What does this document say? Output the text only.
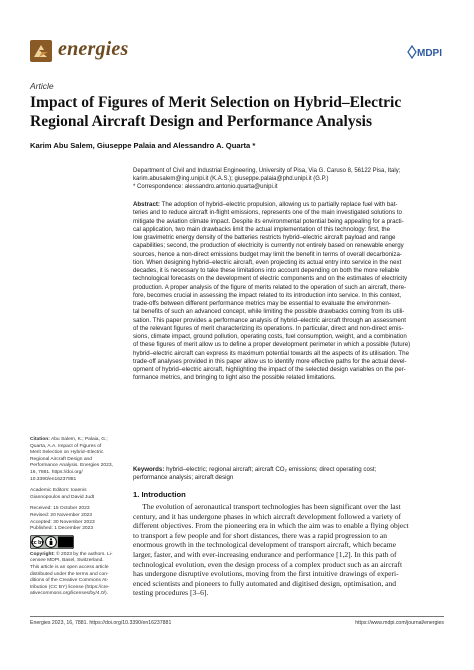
energies	MDPI
Article
Impact of Figures of Merit Selection on Hybrid–Electric
Regional Aircraft Design and Performance Analysis
Karim Abu Salem, Giuseppe Palaia and Alessandro A. Quarta *
Department of Civil and Industrial Engineering, University of Pisa, Via G. Caruso 8, 56122 Pisa, Italy;
karim.abusalem@ing.unipi.it (K.A.S.); giuseppe.palaia@phd.unipi.it (G.P.)
* Correspondence: alessandro.antonio.quarta@unipi.it
Abstract: The adoption of hybrid–electric propulsion, allowing us to partially replace fuel with bat-
teries and to reduce aircraft in-flight emissions, represents one of the main investigated solutions to
mitigate the aviation climate impact. Despite its environmental potential being appealing for a practi-
cal application, two main drawbacks limit the actual implementation of this technology: first, the
low gravimetric energy density of the batteries restricts hybrid–electric aircraft payload and range
capabilities; second, the production of electricity is currently not entirely based on renewable energy
sources, hence a non-direct emissions budget may limit the benefit in terms of overall decarboniza-
tion. When designing hybrid–electric aircraft, even projecting its actual entry into service in the next
decades, it is necessary to take these limitations into account depending on both the more reliable
technological forecasts on the development of electric components and on the estimates of electricity
production. A proper analysis of the figure of merits related to the operation of such an aircraft, there-
fore, becomes crucial in assessing the impact related to its introduction into service. In this context,
trade-offs between different performance metrics may be essential to evaluate the environmen-
tal benefits of such an advanced concept, while limiting the possible drawbacks coming from its utili-
sation. This paper provides a performance analysis of hybrid–electric aircraft through an assessment
of the relevant figures of merit characterizing its operations. In particular, direct and non-direct emis-
sions, climate impact, ground pollution, operating costs, fuel consumption, weight, and a combination
of these figures of merit allow us to define a proper development perimeter in which a possible (future)
hybrid–electric aircraft can express its maximum potential towards all the aspects of its utilisation. The
trade-off analyses provided in this paper allow us to identify more effective paths for the actual devel-
opment of hybrid–electric aircraft, highlighting the impact of the selected design variables on the per-
formance metrics, and bringing to light also the possible related limitations.
Keywords: hybrid–electric; regional aircraft; aircraft CO₂ emissions; direct operating cost;
performance analysis; aircraft design
Citation: Abu Salem, K.; Palaia, G.;
Quarta, A.A. Impact of Figures of
Merit Selection on Hybrid–Electric
Regional Aircraft Design and
Performance Analysis. Energies 2023,
16, 7881. https://doi.org/
10.3390/en16237881
Academic Editors: Ioannis
Giannopoulos and David Judt
Received: 15 October 2023
Revised: 20 November 2023
Accepted: 30 November 2023
Published: 1 December 2023
cc by
Copyright: © 2023 by the authors. Li-
censee MDPI, Basel, Switzerland.
This article is an open access article
distributed under the terms and con-
ditions of the Creative Commons At-
tribution (CC BY) license (https://cre-
ativecommons.org/licenses/by/4.0/).
1. Introduction
The evolution of aeronautical transport technologies has been significant over the last
century, and it has undergone phases in which aircraft development followed a variety of
different objectives. From the pioneering era in which the aim was to enable a flying object
to transport a few people and for short distances, there was a rapid progression to an
enormous growth in the technological development of transport aircraft, which became
larger, faster, and with ever-increasing endurance and performance [1,2]. In this path of
technological evolution, even the design process of a complex product such as an aircraft
has undergone disruptive evolutions, moving from the first intuitive drawings of experi-
enced scientists and pioneers to fully automated and digitised design, optimisation, and
testing procedures [3–6].
Energies 2023, 16, 7881. https://doi.org/10.3390/en16237881	https://www.mdpi.com/journal/energies
